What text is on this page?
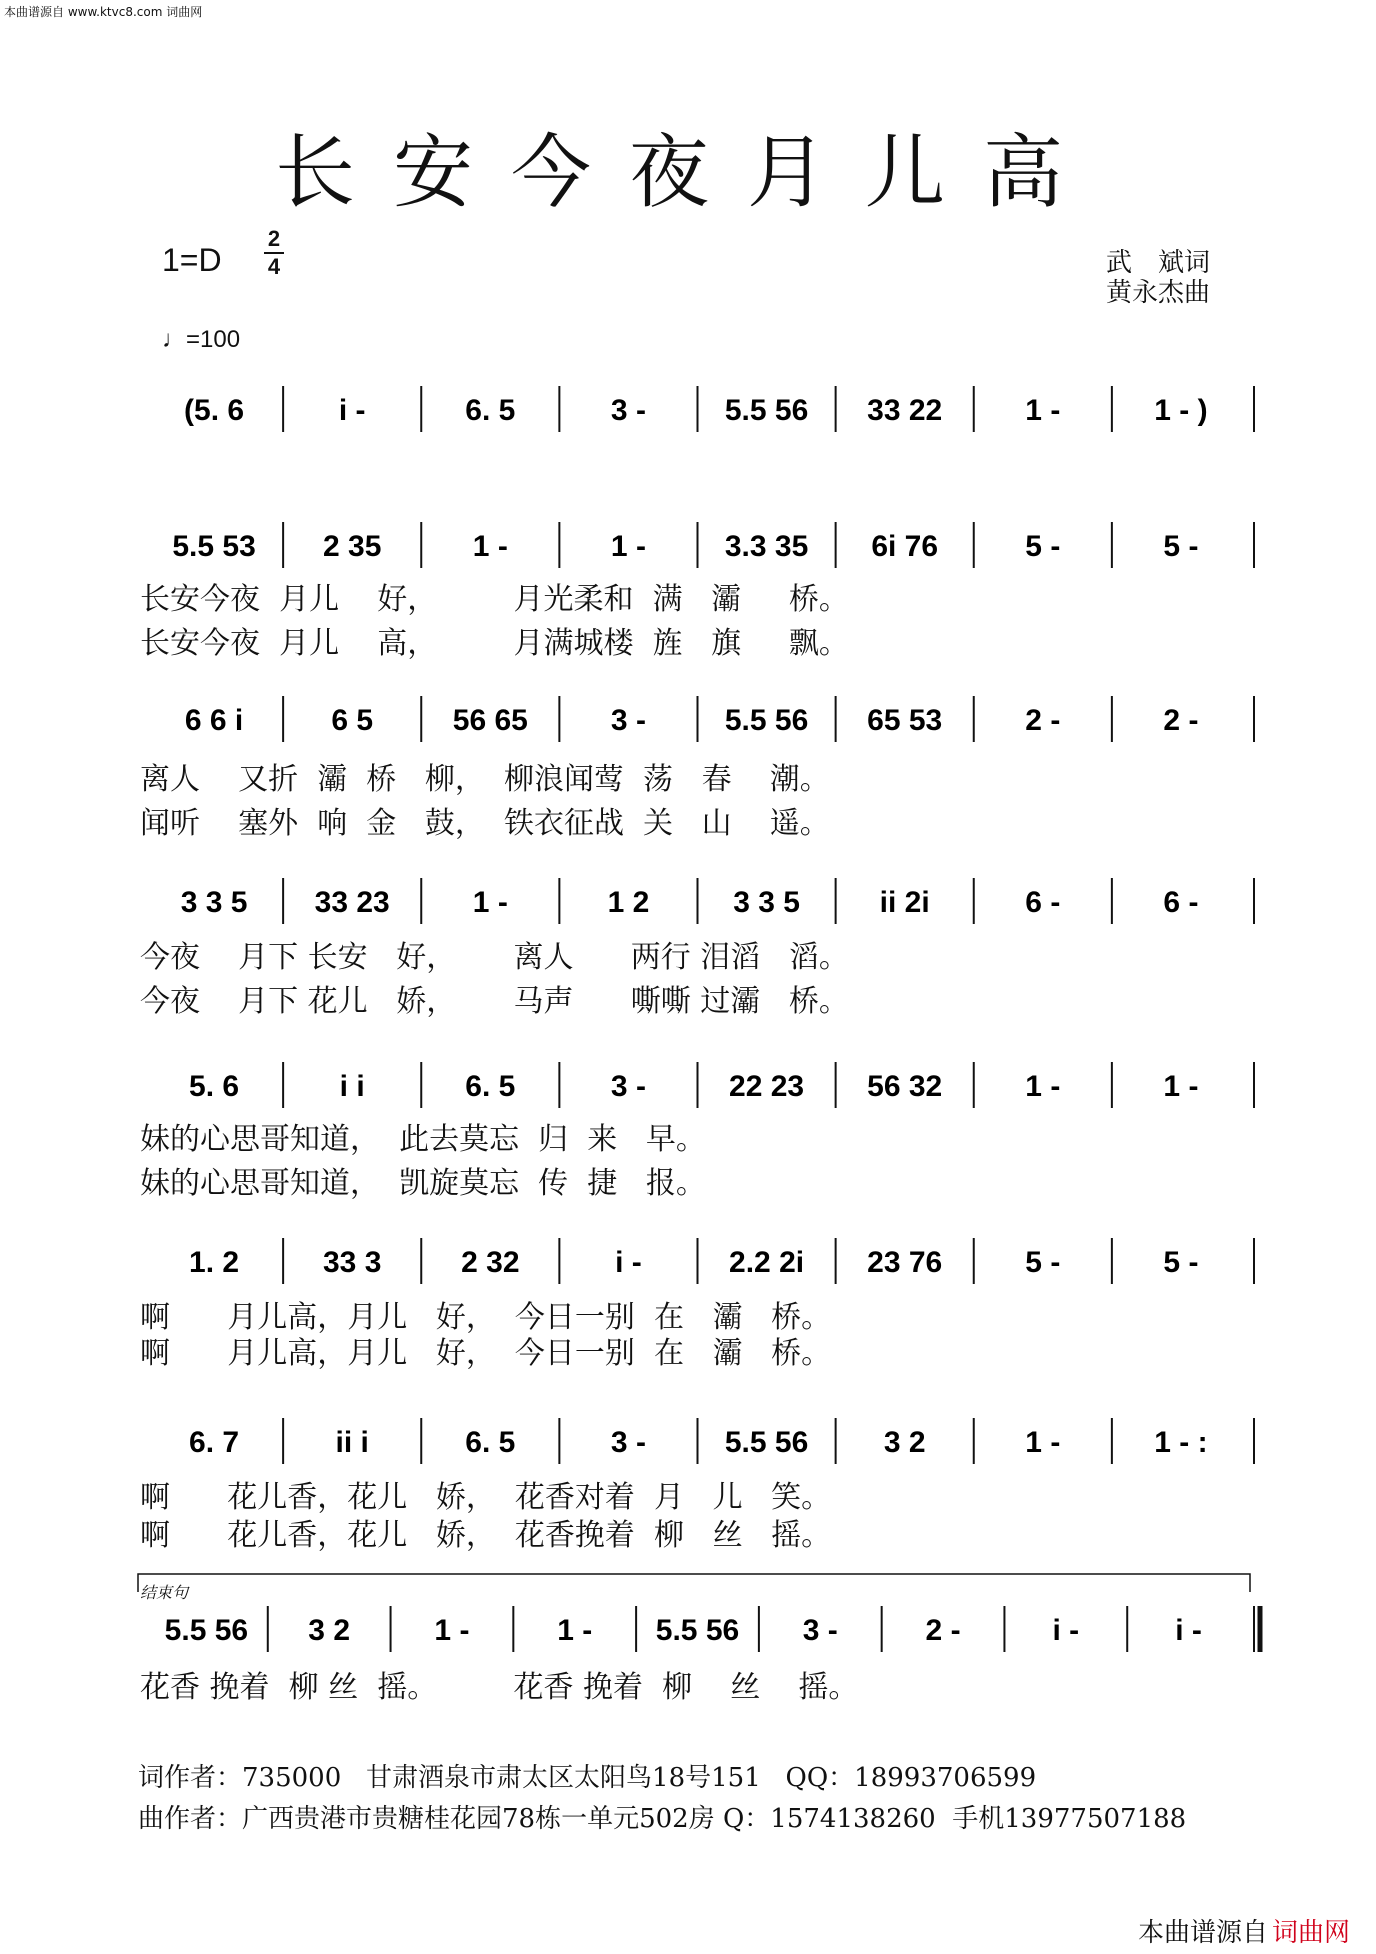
本曲谱源自 www.ktvc8.com 词曲网
长安今夜月儿高
1=D
2
4
♩=100
武　斌词
黄永杰曲
(5. 6	i -	6. 5	3 -	5.5 56 33 22	1 -	1 - )
5.5 53 2 35	1 -	1 -	3.3 35 6i 76	5 -	5 -
6 6 i	6 5	56 65	3 -	5.5 56 65 53	2 -	2 -
3 3 5 33 23	1 -	1 2	3 3 5	ii 2i	6 -	6 -
5. 6	i i	6. 5	3 -	22 23 56 32	1 -	1 -
1. 2	33 3	2 32	i -	2.2 2i 23 76	5 -	5 -
6. 7	ii i	6. 5	3 -	5.5 56	3 2	1 -	1 - :
5.5 56 3 2	1 -	1 - 5.5 56 3 -	2 -	i -	i -
结束句
长安今夜  月儿    好，        月光柔和  满   灞     桥。
长安今夜  月儿    高，        月满城楼  旌   旗     飘。
离人    又折  灞  桥   柳，  柳浪闻莺  荡   春    潮。
闻听    塞外  响  金   鼓，  铁衣征战  关   山    遥。
今夜    月下 长安   好，      离人      两行 泪滔   滔。
今夜    月下 花儿   娇，      马声      嘶嘶 过灞   桥。
妹的心思哥知道，  此去莫忘  归  来   早。
妹的心思哥知道，  凯旋莫忘  传  捷   报。
啊      月儿高，月儿   好，  今日一别  在   灞   桥。
啊      月儿高，月儿   好，  今日一别  在   灞   桥。
啊      花儿香，花儿   娇，  花香对着  月   儿   笑。
啊      花儿香，花儿   娇，  花香挽着  柳   丝   摇。
花香 挽着  柳 丝  摇。        花香 挽着  柳    丝    摇。
词作者：735000   甘肃酒泉市肃太区太阳鸟18号151   QQ：18993706599
曲作者：广西贵港市贵糖桂花园78栋一单元502房 Q：1574138260  手机13977507188
本曲谱源自 词曲网
